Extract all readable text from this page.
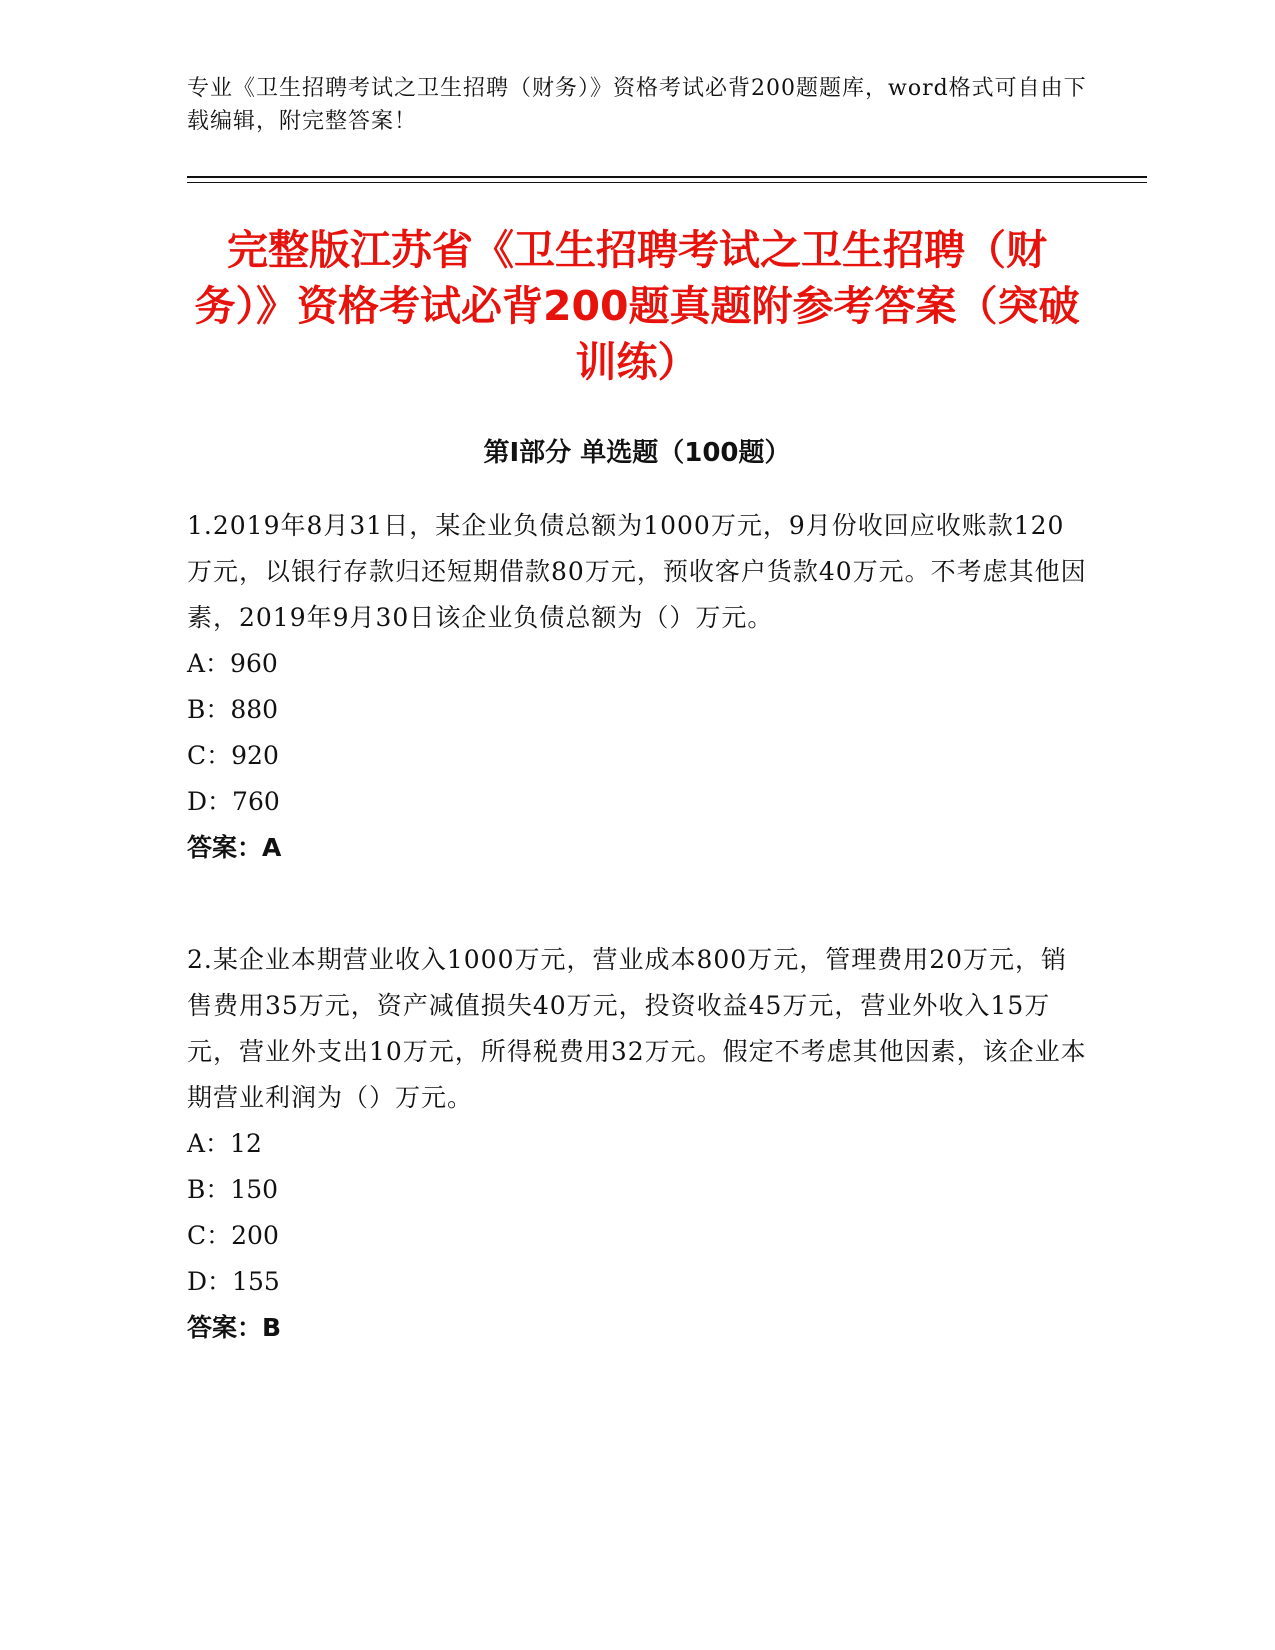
专业《卫生招聘考试之卫生招聘（财务）》资格考试必背200题题库，word格式可自由下载编辑，附完整答案！
完整版江苏省《卫生招聘考试之卫生招聘（财务）》资格考试必背200题真题附参考答案（突破训练）
第I部分 单选题（100题）

1.2019年8月31日，某企业负债总额为1000万元，9月份收回应收账款120万元，以银行存款归还短期借款80万元，预收客户货款40万元。不考虑其他因素，2019年9月30日该企业负债总额为（）万元。

A：960

B：880

C：920

D：760

答案：A

2.某企业本期营业收入1000万元，营业成本800万元，管理费用20万元，销售费用35万元，资产减值损失40万元，投资收益45万元，营业外收入15万元，营业外支出10万元，所得税费用32万元。假定不考虑其他因素，该企业本期营业利润为（）万元。

A：12

B：150

C：200

D：155

答案：B
